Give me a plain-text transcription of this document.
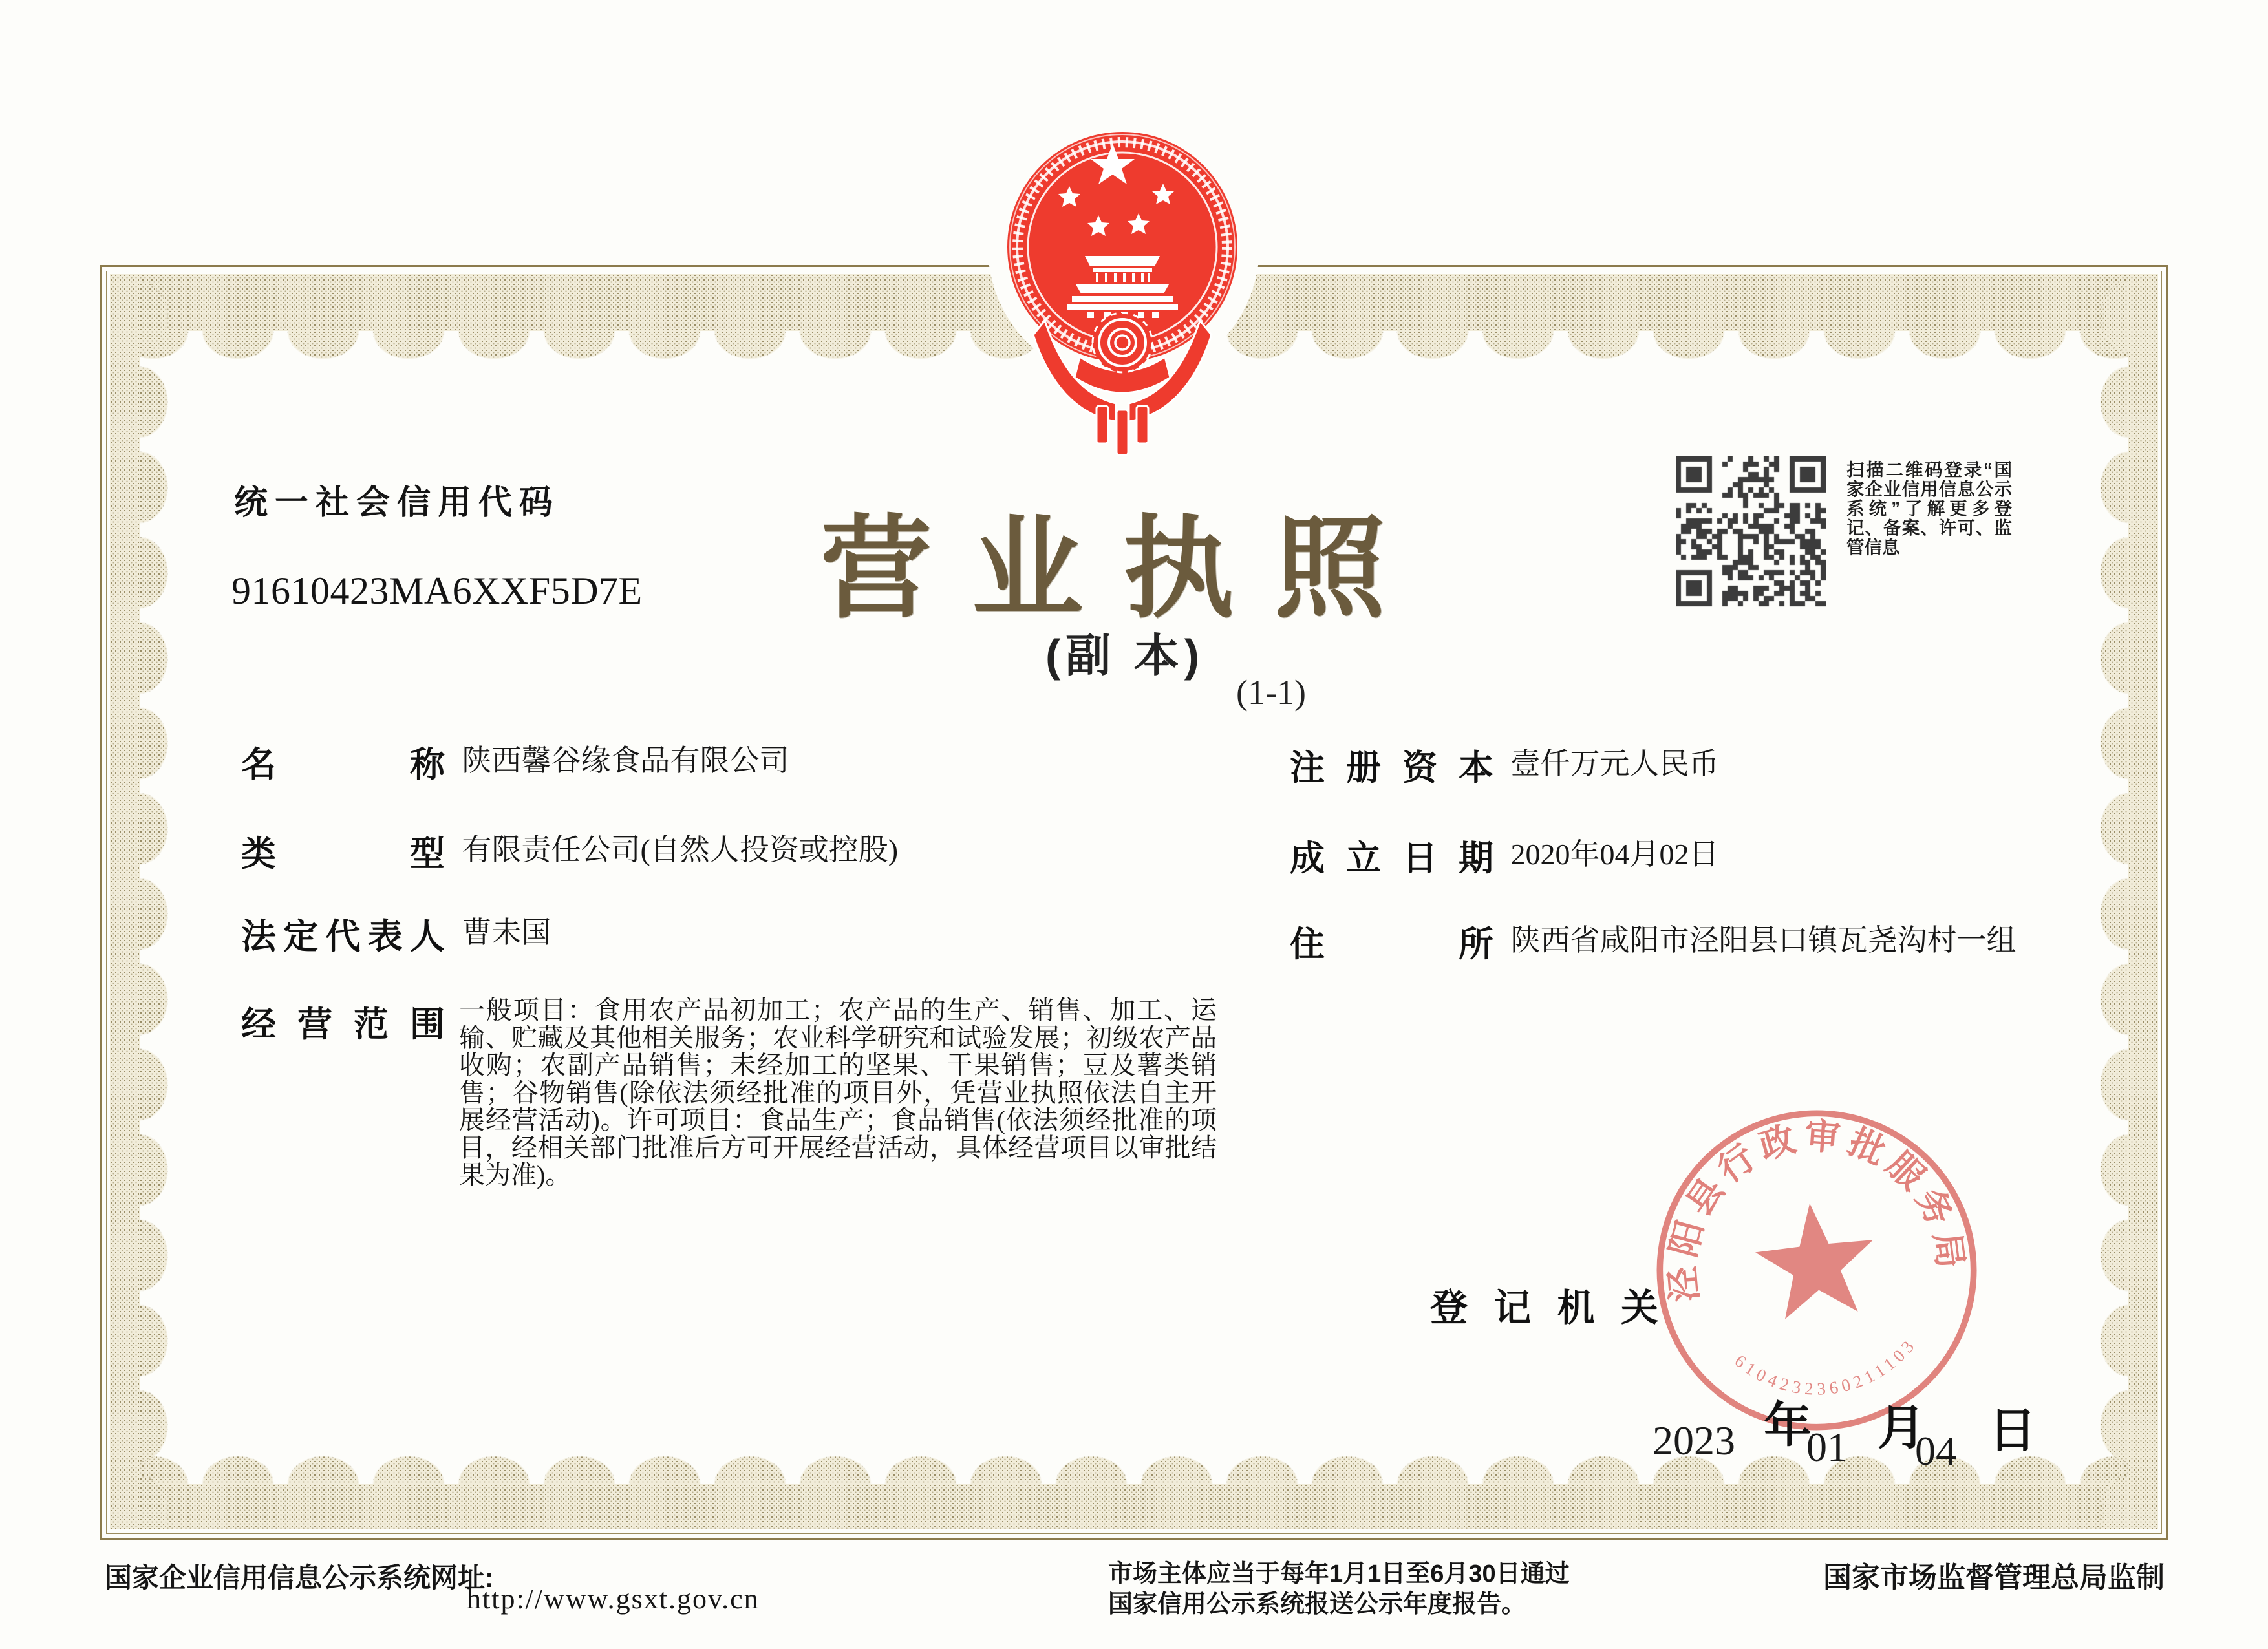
统一社会信用代码
91610423MA6XXF5D7E 营业执照
(副 本)
(1-1)
扫描二维码登录“国家企业信用信息公示系统”了解更多登记、备案、许可、监管信息
名称 陕西馨谷缘食品有限公司
类型 有限责任公司(自然人投资或控股)
法定代表人 曹未国
经营范围 一般项目：食用农产品初加工；农产品的生产、销售、加工、运输、贮藏及其他相关服务；农业科学研究和试验发展；初级农产品收购；农副产品销售；未经加工的坚果、干果销售；豆及薯类销售；谷物销售(除依法须经批准的项目外，凭营业执照依法自主开展经营活动)。许可项目：食品生产；食品销售(依法须经批准的项目，经相关部门批准后方可开展经营活动，具体经营项目以审批结果为准)。
注册资本 壹仟万元人民币
成立日期 2020年04月02日
住所 陕西省咸阳市泾阳县口镇瓦尧沟村一组
登记机关
泾阳县行政审批服务局
6104232360211103
2023 年
01 月
04 日
国家企业信用信息公示系统网址:
http://www.gsxt.gov.cn
市场主体应当于每年1月1日至6月30日通过
国家信用公示系统报送公示年度报告。
国家市场监督管理总局监制
